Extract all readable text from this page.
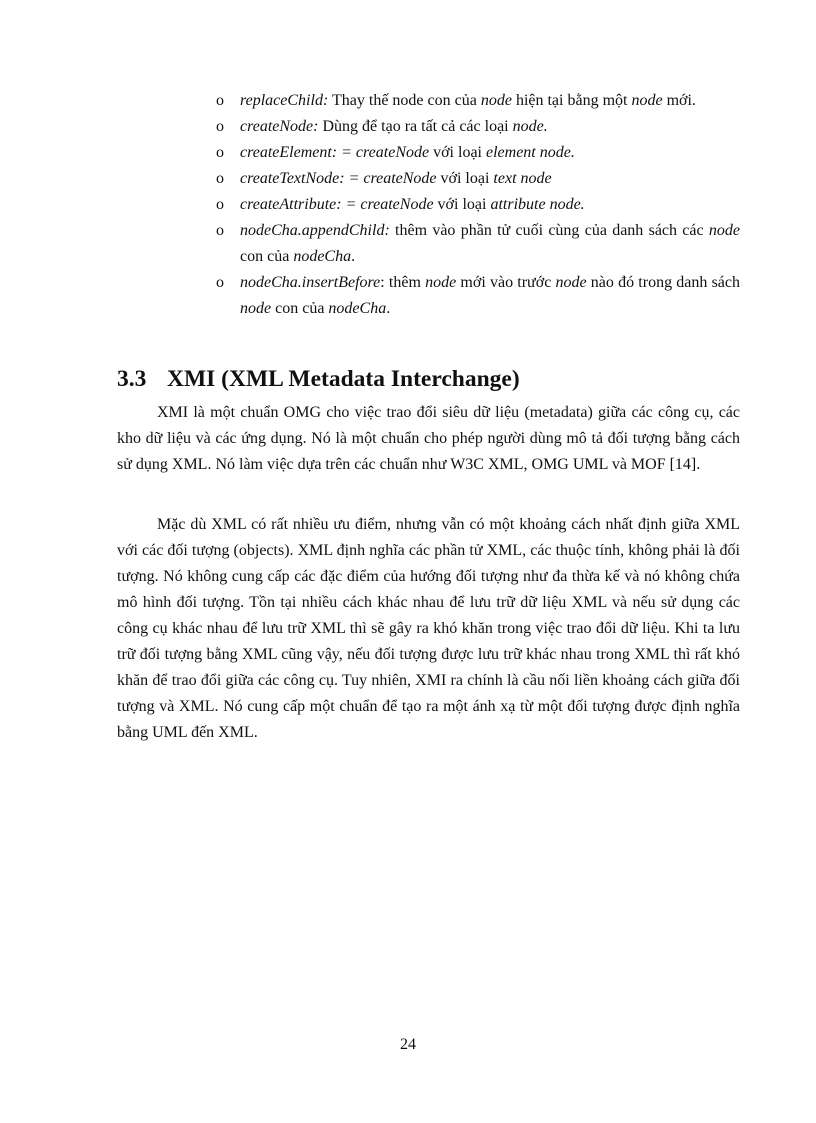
o replaceChild: Thay thế node con của node hiện tại bằng một node mới.
o createNode: Dùng để tạo ra tất cả các loại node.
o createElement: = createNode với loại element node.
o createTextNode: = createNode với loại text node
o createAttribute: = createNode với loại attribute node.
o nodeCha.appendChild: thêm vào phần tử cuối cùng của danh sách các node con của nodeCha.
o nodeCha.insertBefore: thêm node mới vào trước node nào đó trong danh sách node con của nodeCha.
3.3 XMI (XML Metadata Interchange)

XMI là một chuẩn OMG cho việc trao đổi siêu dữ liệu (metadata) giữa các công cụ, các kho dữ liệu và các ứng dụng. Nó là một chuẩn cho phép người dùng mô tả đối tượng bằng cách sử dụng XML. Nó làm việc dựa trên các chuẩn như W3C XML, OMG UML và MOF [14].

Mặc dù XML có rất nhiều ưu điểm, nhưng vẫn có một khoảng cách nhất định giữa XML với các đối tượng (objects). XML định nghĩa các phần tử XML, các thuộc tính, không phải là đối tượng. Nó không cung cấp các đặc điểm của hướng đối tượng như đa thừa kế và nó không chứa mô hình đối tượng. Tồn tại nhiều cách khác nhau để lưu trữ dữ liệu XML và nếu sử dụng các công cụ khác nhau để lưu trữ XML thì sẽ gây ra khó khăn trong việc trao đổi dữ liệu. Khi ta lưu trữ đối tượng bằng XML cũng vậy, nếu đối tượng được lưu trữ khác nhau trong XML thì rất khó khăn để trao đổi giữa các công cụ. Tuy nhiên, XMI ra chính là cầu nối liền khoảng cách giữa đối tượng và XML. Nó cung cấp một chuẩn để tạo ra một ánh xạ từ một đối tượng được định nghĩa bằng UML đến XML.

24
